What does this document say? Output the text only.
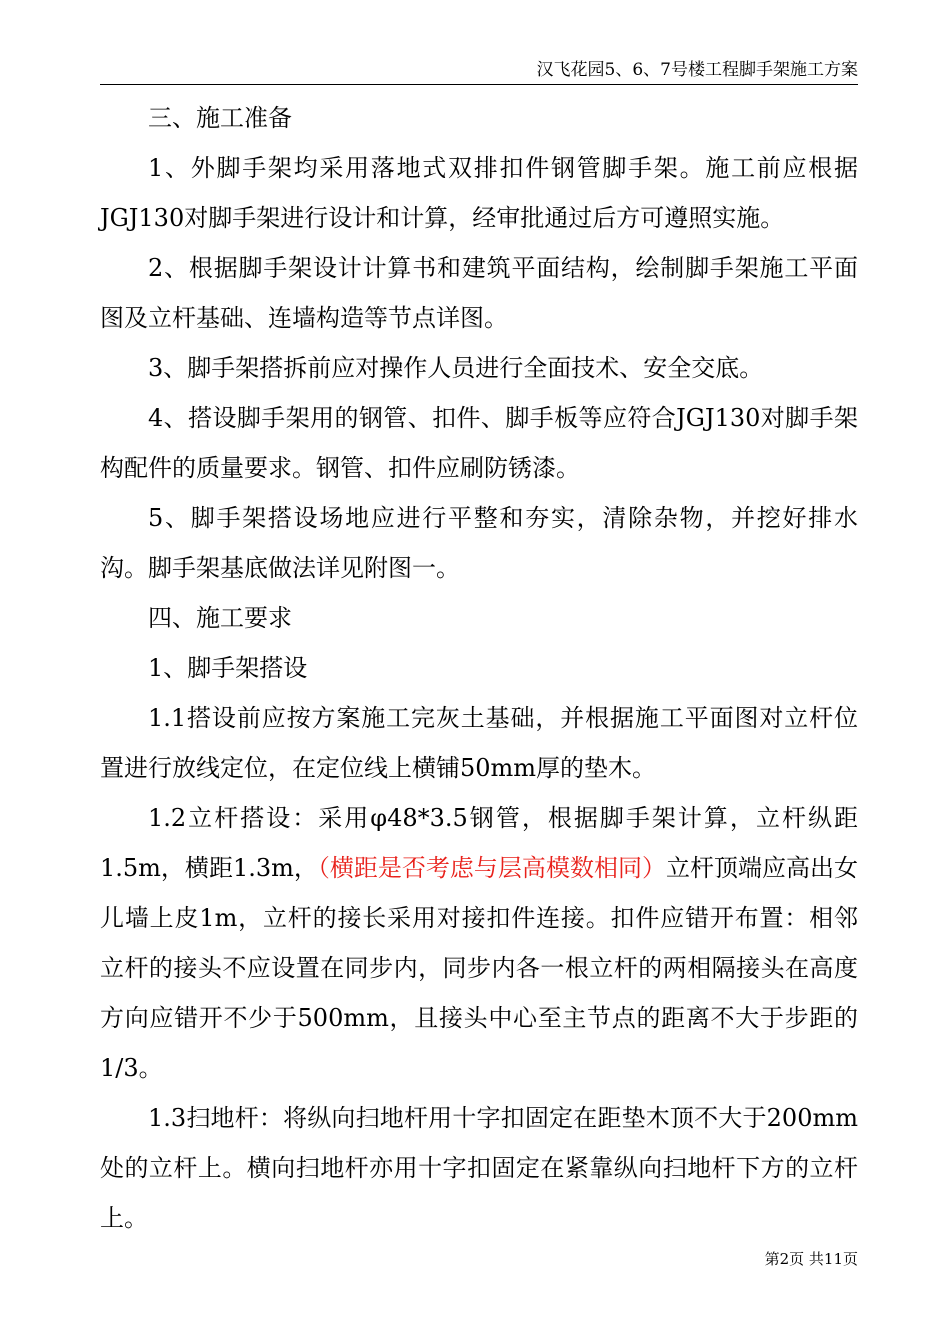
汉飞花园5、6、7号楼工程脚手架施工方案

三、施工准备

1、外脚手架均采用落地式双排扣件钢管脚手架。施工前应根据JGJ130对脚手架进行设计和计算，经审批通过后方可遵照实施。

2、根据脚手架设计计算书和建筑平面结构，绘制脚手架施工平面图及立杆基础、连墙构造等节点详图。

3、脚手架搭拆前应对操作人员进行全面技术、安全交底。

4、搭设脚手架用的钢管、扣件、脚手板等应符合JGJ130对脚手架构配件的质量要求。钢管、扣件应刷防锈漆。

5、脚手架搭设场地应进行平整和夯实，清除杂物，并挖好排水沟。脚手架基底做法详见附图一。

四、施工要求

1、脚手架搭设

1.1搭设前应按方案施工完灰土基础，并根据施工平面图对立杆位置进行放线定位，在定位线上横铺50mm厚的垫木。

1.2立杆搭设：采用φ48*3.5钢管，根据脚手架计算，立杆纵距1.5m，横距1.3m，（横距是否考虑与层高模数相同）立杆顶端应高出女儿墙上皮1m，立杆的接长采用对接扣件连接。扣件应错开布置：相邻立杆的接头不应设置在同步内，同步内各一根立杆的两相隔接头在高度方向应错开不少于500mm，且接头中心至主节点的距离不大于步距的1/3。

1.3扫地杆：将纵向扫地杆用十字扣固定在距垫木顶不大于200mm处的立杆上。横向扫地杆亦用十字扣固定在紧靠纵向扫地杆下方的立杆上。

第2页 共11页
